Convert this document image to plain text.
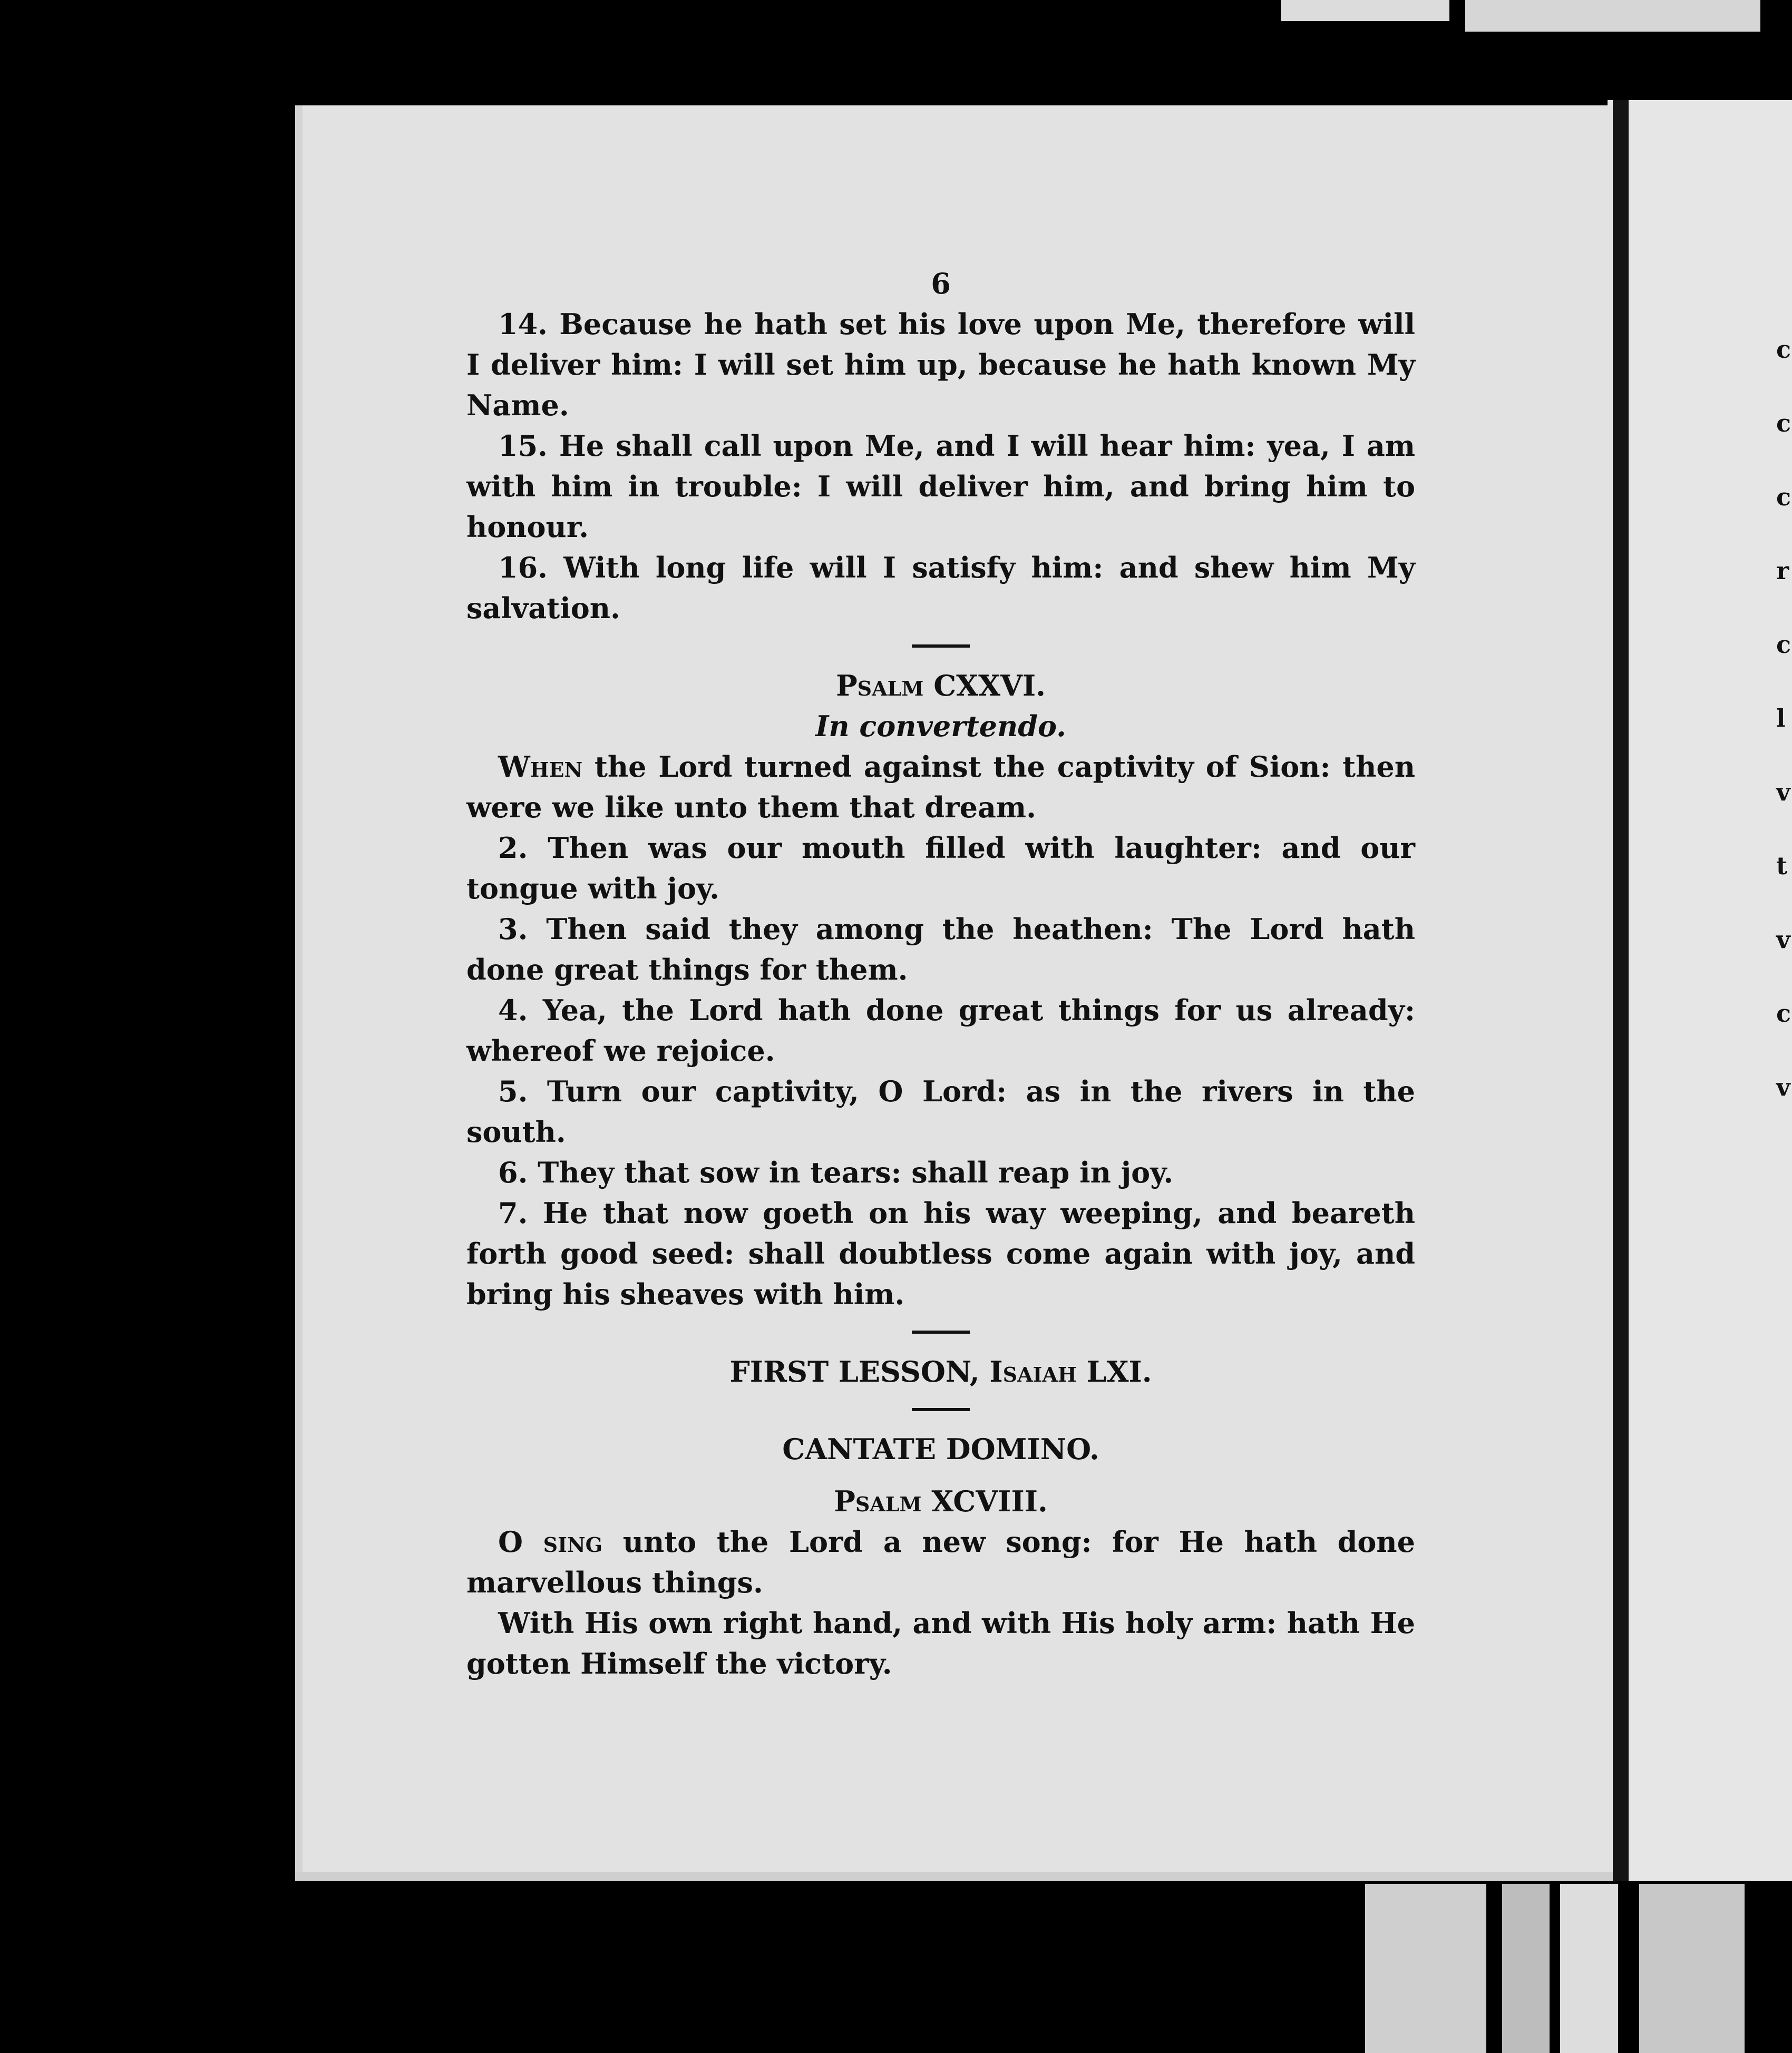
c
c
c
r
c
l
v
t
v
c
v

6

14. Because he hath set his love upon Me, therefore will I deliver him: I will set him up, because he hath known My Name.

15. He shall call upon Me, and I will hear him: yea, I am with him in trouble: I will deliver him, and bring him to honour.

16. With long life will I satisfy him: and shew him My salvation.

Psalm CXXVI.

In convertendo.

When the Lord turned against the captivity of Sion: then were we like unto them that dream.

2. Then was our mouth filled with laughter: and our tongue with joy.

3. Then said they among the heathen: The Lord hath done great things for them.

4. Yea, the Lord hath done great things for us already: whereof we rejoice.

5. Turn our captivity, O Lord: as in the rivers in the south.

6. They that sow in tears: shall reap in joy.

7. He that now goeth on his way weeping, and beareth forth good seed: shall doubtless come again with joy, and bring his sheaves with him.

FIRST LESSON, Isaiah LXI.

CANTATE DOMINO.

Psalm XCVIII.

O sing unto the Lord a new song: for He hath done marvellous things.

With His own right hand, and with His holy arm: hath He gotten Himself the victory.
